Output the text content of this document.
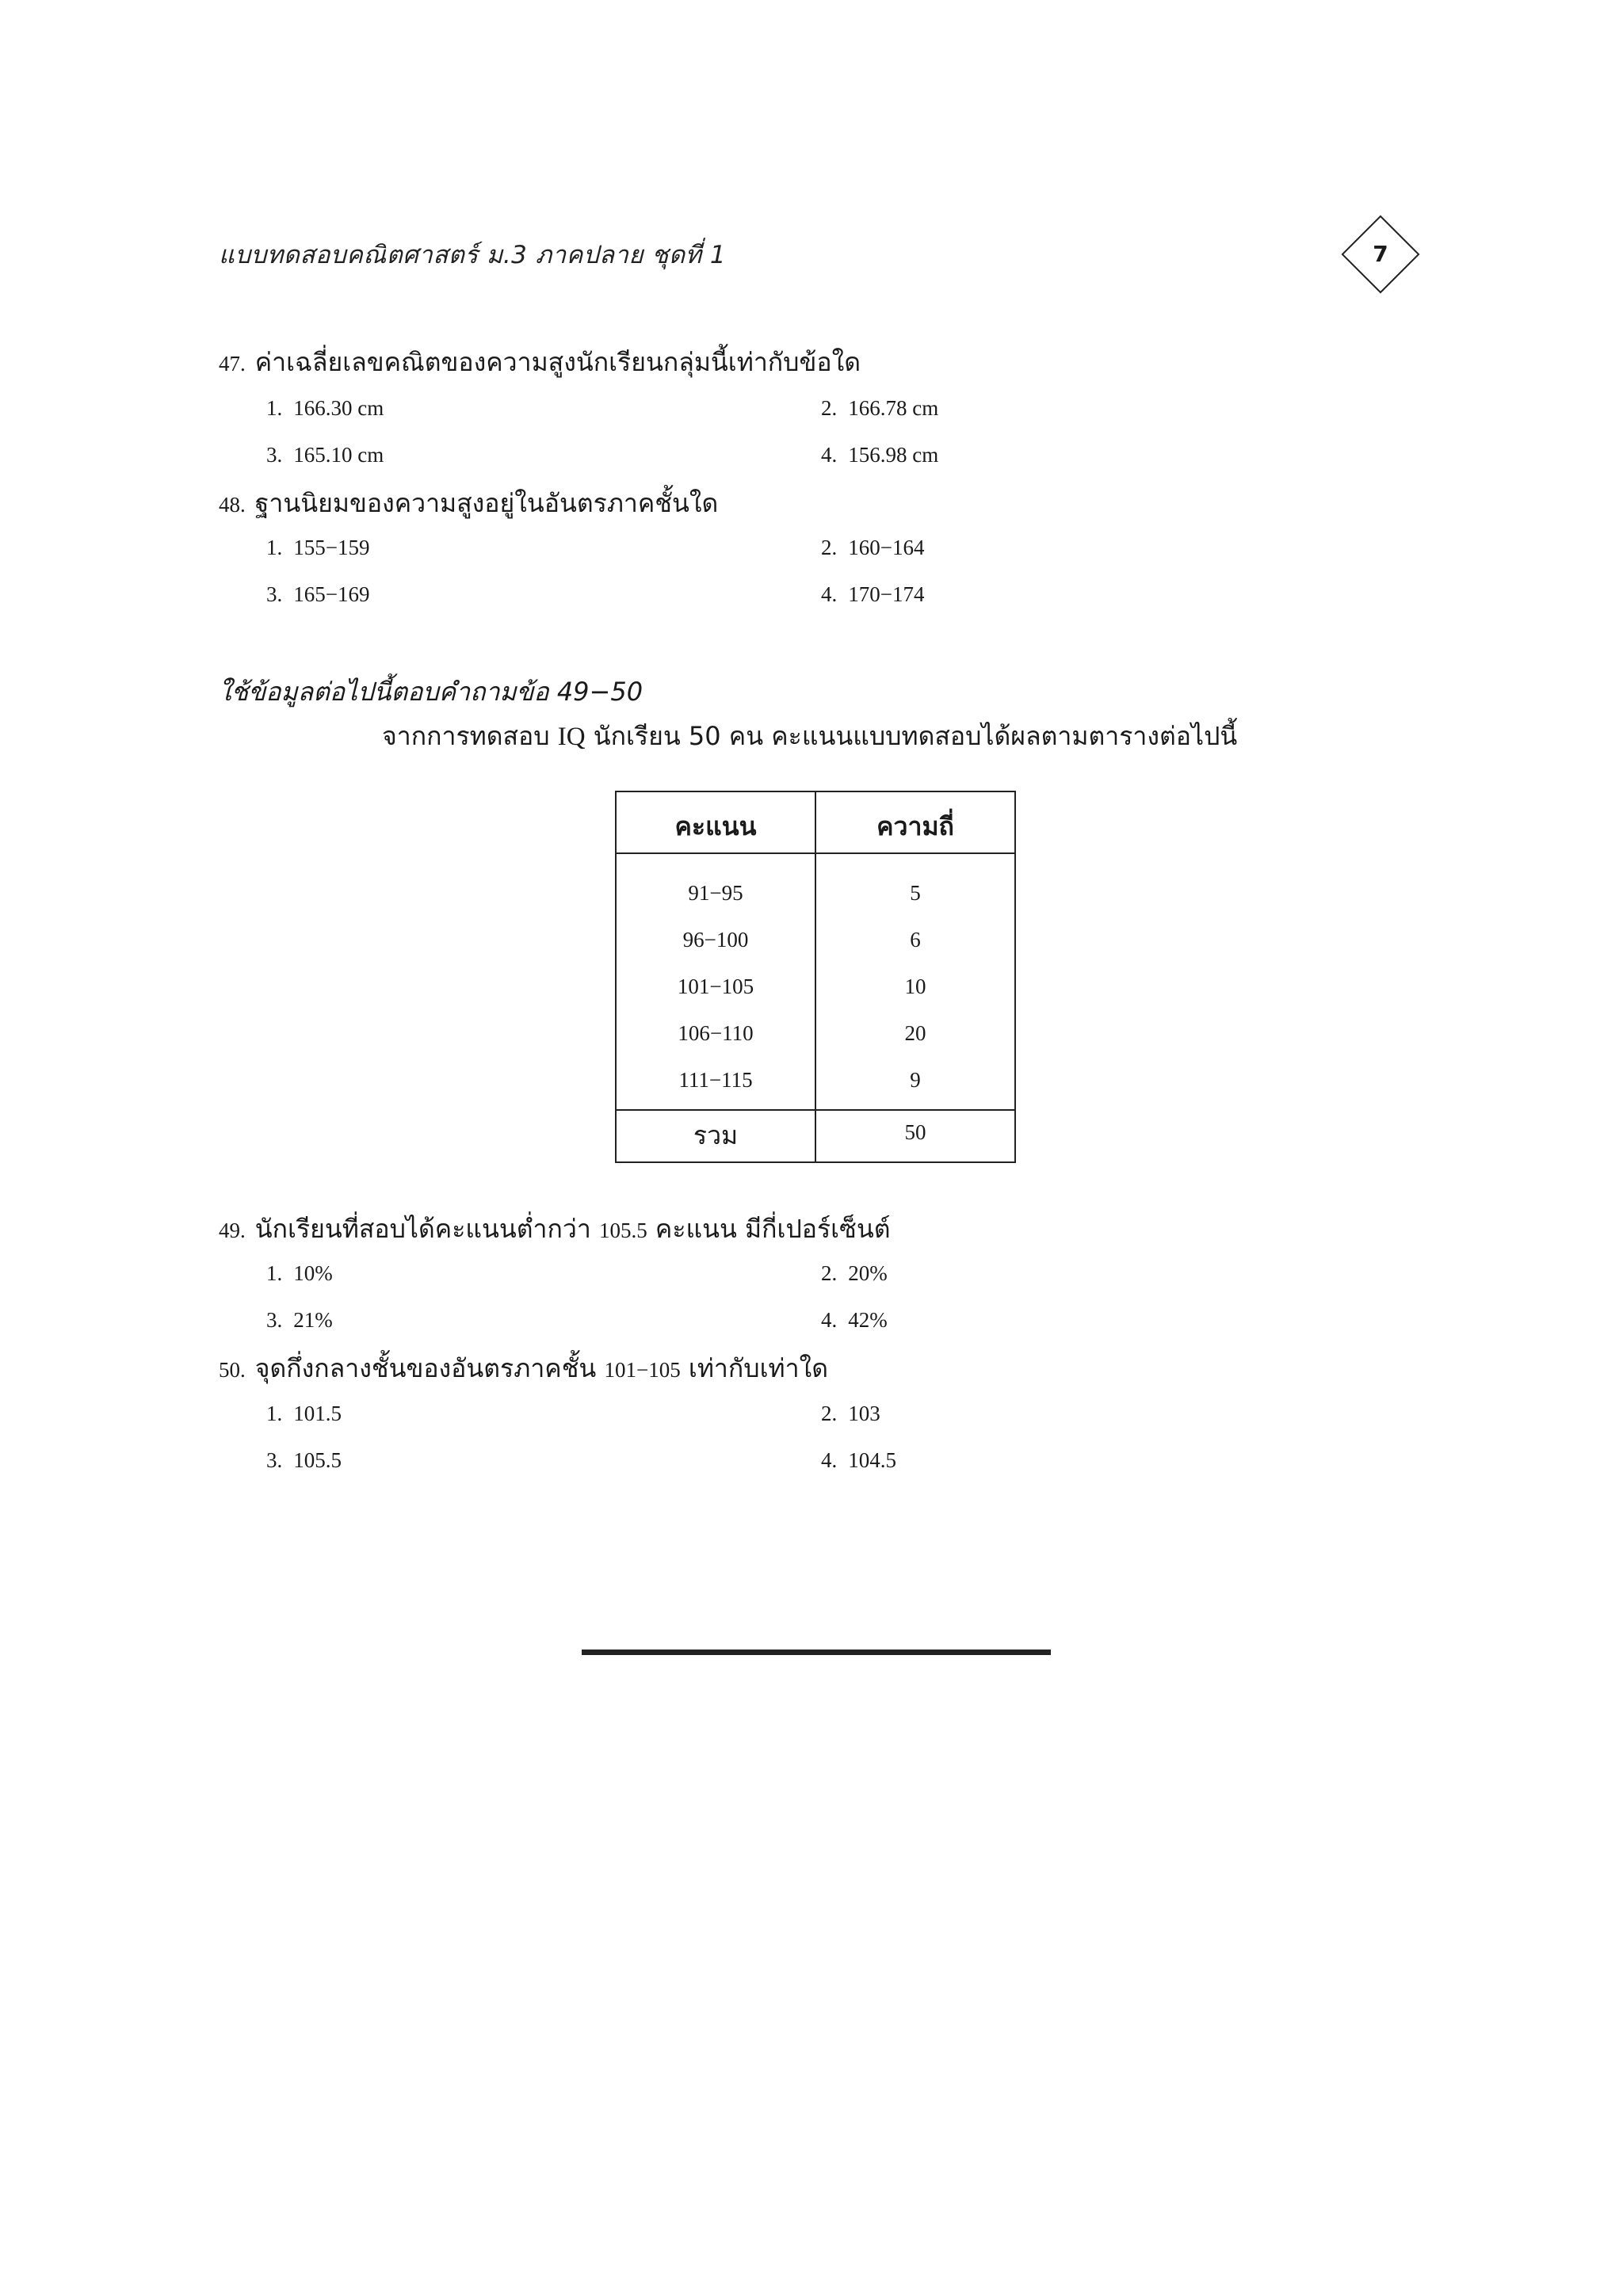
แบบทดสอบคณิตศาสตร์ ม.3 ภาคปลาย ชุดที่ 1	7
47. ค่าเฉลี่ยเลขคณิตของความสูงนักเรียนกลุ่มนี้เท่ากับข้อใด
1. 166.30 cm	2. 166.78 cm
3. 165.10 cm	4. 156.98 cm
48. ฐานนิยมของความสูงอยู่ในอันตรภาคชั้นใด
1. 155−159	2. 160−164
3. 165−169	4. 170−174
ใช้ข้อมูลต่อไปนี้ตอบคำถามข้อ 49−50
จากการทดสอบ IQ นักเรียน 50 คน คะแนนแบบทดสอบได้ผลตามตารางต่อไปนี้
คะแนน	ความถี่
91−95	5
96−100	6
101−105	10
106−110	20
111−115	9
รวม	50
49. นักเรียนที่สอบได้คะแนนต่ำกว่า 105.5 คะแนน มีกี่เปอร์เซ็นต์
1. 10%	2. 20%
3. 21%	4. 42%
50. จุดกึ่งกลางชั้นของอันตรภาคชั้น 101−105 เท่ากับเท่าใด
1. 101.5	2. 103
3. 105.5	4. 104.5
